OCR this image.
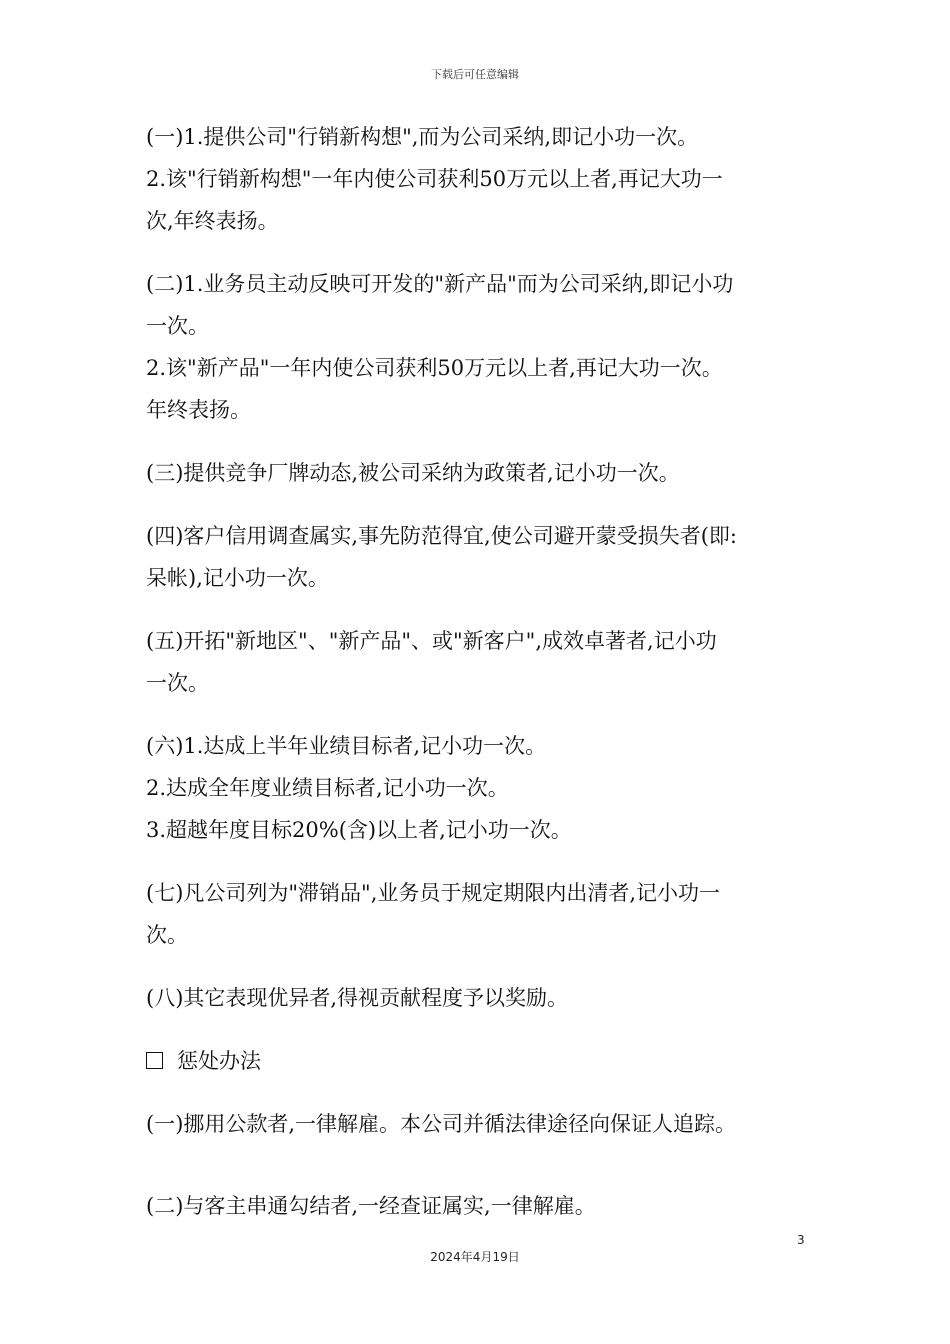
下载后可任意编辑
(一)1.提供公司"行销新构想",而为公司采纳,即记小功一次。
2.该"行销新构想"一年内使公司获利50万元以上者,再记大功一
次,年终表扬。
(二)1.业务员主动反映可开发的"新产品"而为公司采纳,即记小功
一次。
2.该"新产品"一年内使公司获利50万元以上者,再记大功一次。
年终表扬。
(三)提供竞争厂牌动态,被公司采纳为政策者,记小功一次。
(四)客户信用调查属实,事先防范得宜,使公司避开蒙受损失者(即:
呆帐),记小功一次。
(五)开拓"新地区"、"新产品"、或"新客户",成效卓著者,记小功
一次。
(六)1.达成上半年业绩目标者,记小功一次。
2.达成全年度业绩目标者,记小功一次。
3.超越年度目标20%(含)以上者,记小功一次。
(七)凡公司列为"滞销品",业务员于规定期限内出清者,记小功一
次。
(八)其它表现优异者,得视贡献程度予以奖励。
惩处办法
(一)挪用公款者,一律解雇。本公司并循法律途径向保证人追踪。
(二)与客主串通勾结者,一经查证属实,一律解雇。
3
2024年4月19日
